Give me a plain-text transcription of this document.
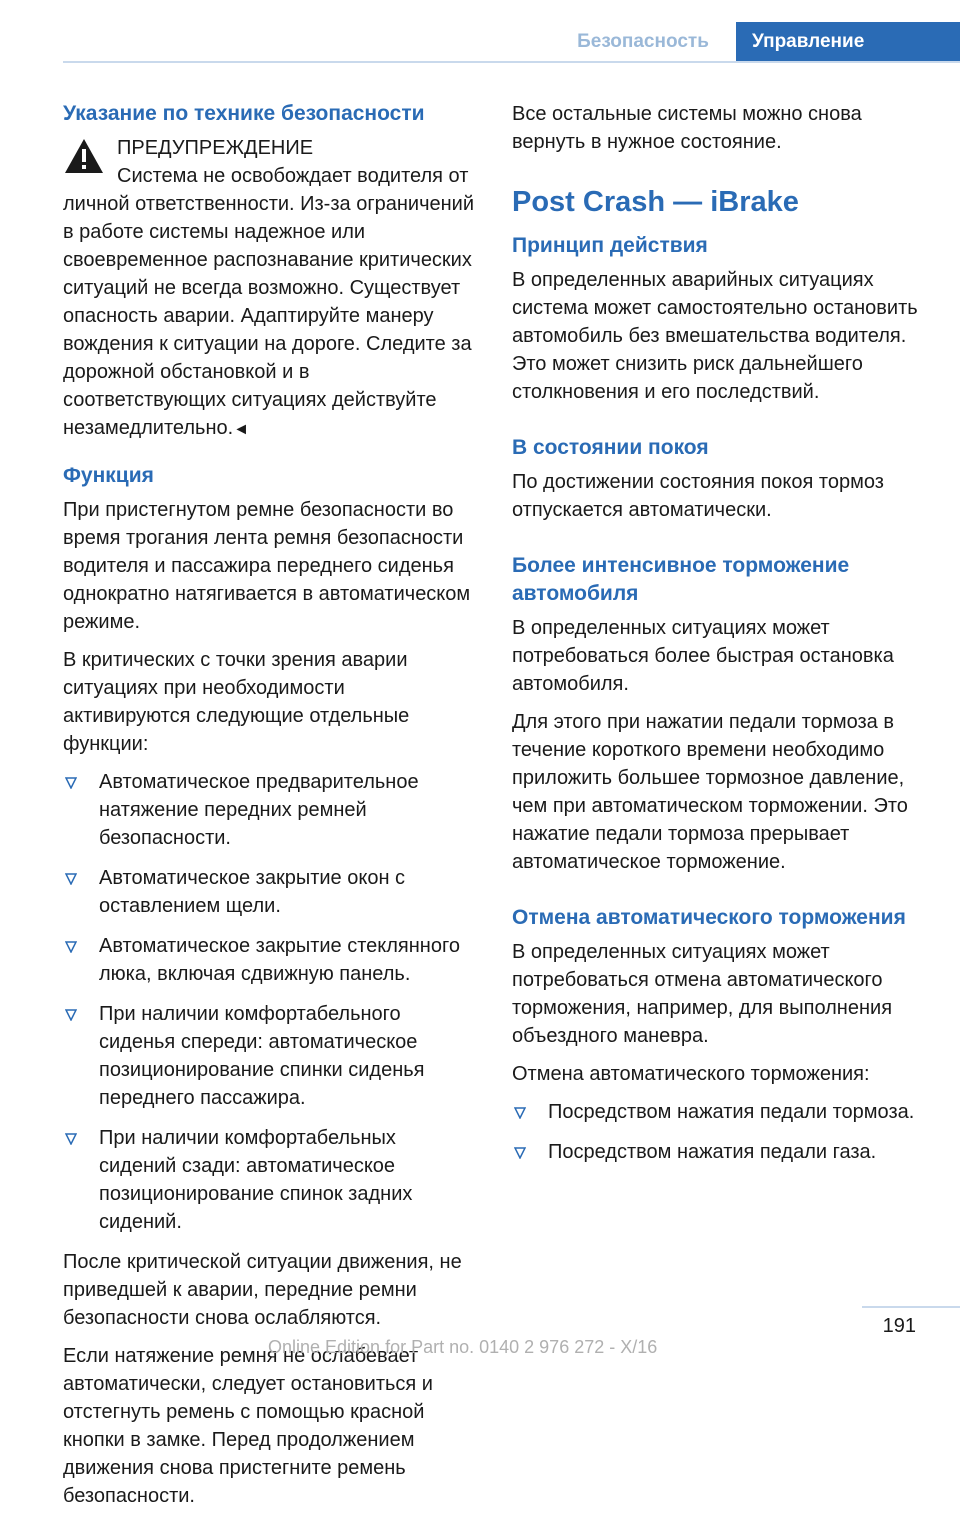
Безопасность	Управление
Указание по технике безопасности
ПРЕДУПРЕЖДЕНИЕ

Система не освобождает водителя от личной ответственности. Из-за ограничений в работе системы надежное или своевременное распознавание критических ситуаций не всегда возможно. Существует опасность аварии. Адаптируйте манеру вождения к ситуации на дороге. Следите за дорожной обстановкой и в соответствующих ситуациях действуйте незамедлительно.◄

Функция

При пристегнутом ремне безопасности во время трогания лента ремня безопасности водителя и пассажира переднего сиденья однократно натягивается в автоматическом режиме.

В критических с точки зрения аварии ситуациях при необходимости активируются следующие отдельные функции:

Автоматическое предварительное натяжение передних ремней безопасности.
Автоматическое закрытие окон с оставлением щели.
Автоматическое закрытие стеклянного люка, включая сдвижную панель.
При наличии комфортабельного сиденья спереди: автоматическое позиционирование спинки сиденья переднего пассажира.
При наличии комфортабельных сидений сзади: автоматическое позиционирование спинок задних сидений.

После критической ситуации движения, не приведшей к аварии, передние ремни безопасности снова ослабляются.

Если натяжение ремня не ослабевает автоматически, следует остановиться и отстегнуть ремень с помощью красной кнопки в замке. Перед продолжением движения снова пристегните ремень безопасности.

Все остальные системы можно снова вернуть в нужное состояние.

Post Crash — iBrake
Принцип действия

В определенных аварийных ситуациях система может самостоятельно остановить автомобиль без вмешательства водителя. Это может снизить риск дальнейшего столкновения и его последствий.

В состоянии покоя

По достижении состояния покоя тормоз отпускается автоматически.

Более интенсивное торможение автомобиля

В определенных ситуациях может потребоваться более быстрая остановка автомобиля.

Для этого при нажатии педали тормоза в течение короткого времени необходимо приложить большее тормозное давление, чем при автоматическом торможении. Это нажатие педали тормоза прерывает автоматическое торможение.

Отмена автоматического торможения

В определенных ситуациях может потребоваться отмена автоматического торможения, например, для выполнения объездного маневра.

Отмена автоматического торможения:

Посредством нажатия педали тормоза.
Посредством нажатия педали газа.
191
Online Edition for Part no. 0140 2 976 272 - X/16
